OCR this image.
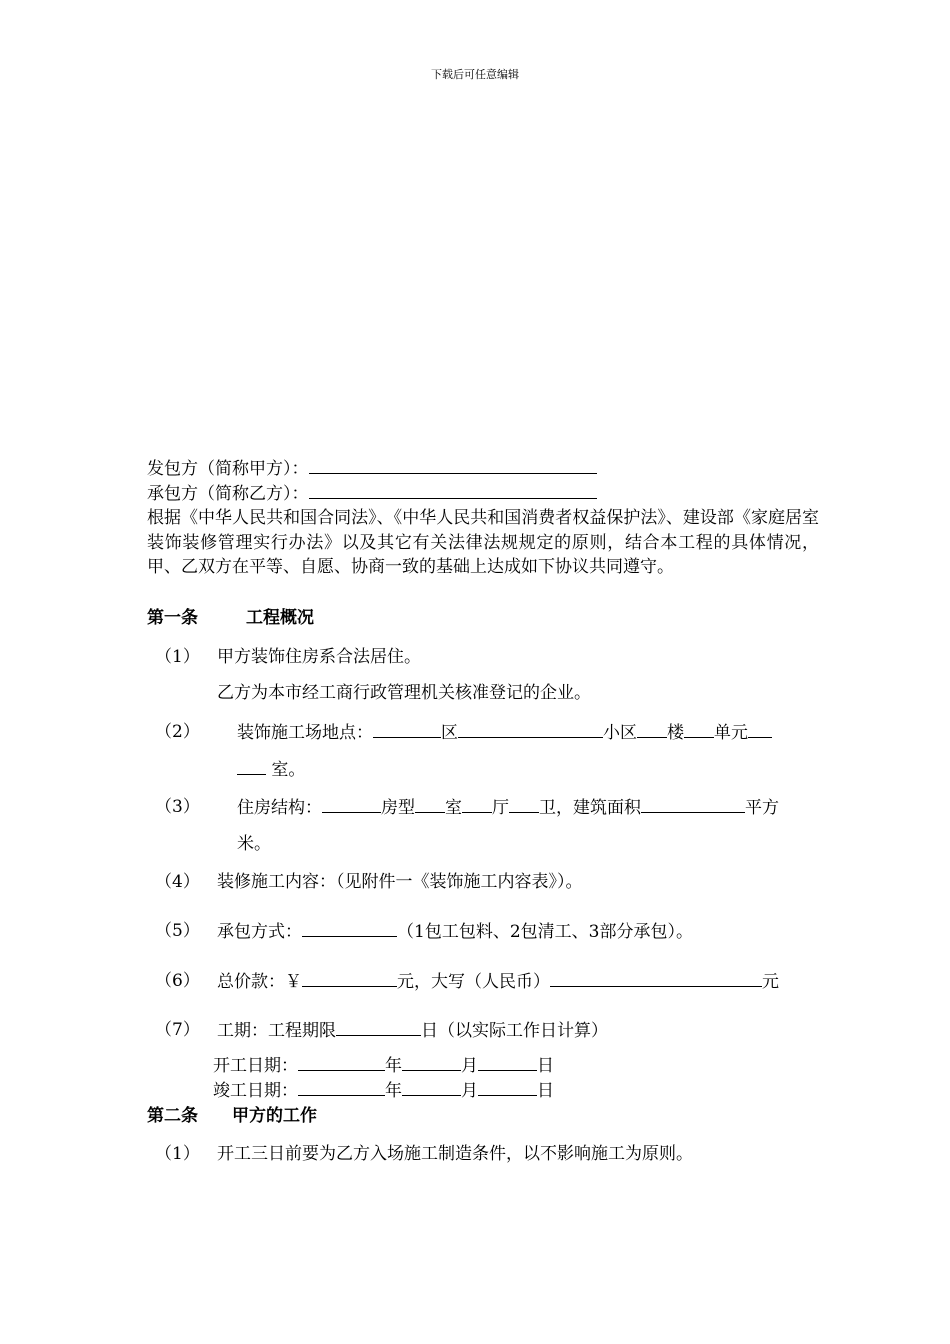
下载后可任意编辑
发包方（简称甲方）：
承包方（简称乙方）：
根据《中华人民共和国合同法》、《中华人民共和国消费者权益保护法》、建设部《家庭居室装饰装修管理实行办法》以及其它有关法律法规规定的原则，结合本工程的具体情况，甲、乙双方在平等、自愿、协商一致的基础上达成如下协议共同遵守。
第一条	工程概况
（1） 甲方装饰住房系合法居住。
乙方为本市经工商行政管理机关核准登记的企业。
（2） 装饰施工场地点：	区	小区 楼 单元
室。
（3） 住房结构：	房型 室 厅 卫，建筑面积	平方
米。
（4） 装修施工内容：（见附件一《装饰施工内容表》）。
（5） 承包方式：	（1包工包料、2包清工、3部分承包）。
（6） 总价款：￥	元，大写（人民币）	元
（7） 工期：工程期限	日（以实际工作日计算）
开工日期：	年	月	日
竣工日期：	年	月	日
第二条 甲方的工作
（1） 开工三日前要为乙方入场施工制造条件，以不影响施工为原则。
